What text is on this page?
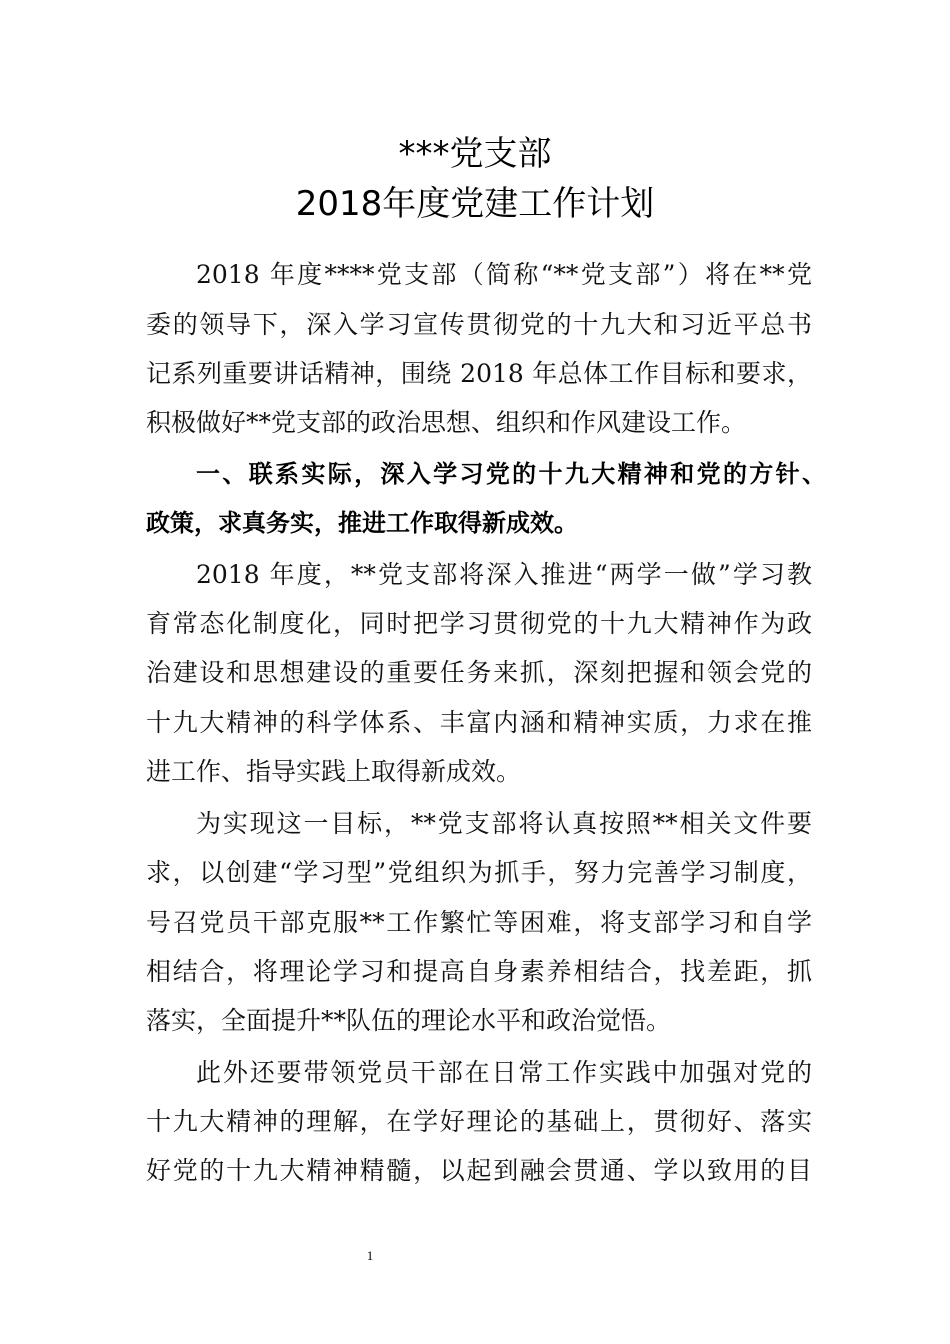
***党支部
2018年度党建工作计划
2018 年度****党支部（简称“**党支部”）将在**党
委的领导下，深入学习宣传贯彻党的十九大和习近平总书
记系列重要讲话精神，围绕 2018 年总体工作目标和要求，
积极做好**党支部的政治思想、组织和作风建设工作。
一、联系实际，深入学习党的十九大精神和党的方针、
政策，求真务实，推进工作取得新成效。
2018 年度，**党支部将深入推进“两学一做”学习教
育常态化制度化，同时把学习贯彻党的十九大精神作为政
治建设和思想建设的重要任务来抓，深刻把握和领会党的
十九大精神的科学体系、丰富内涵和精神实质，力求在推
进工作、指导实践上取得新成效。
为实现这一目标，**党支部将认真按照**相关文件要
求，以创建“学习型”党组织为抓手，努力完善学习制度，
号召党员干部克服**工作繁忙等困难，将支部学习和自学
相结合，将理论学习和提高自身素养相结合，找差距，抓
落实，全面提升**队伍的理论水平和政治觉悟。
此外还要带领党员干部在日常工作实践中加强对党的
十九大精神的理解，在学好理论的基础上，贯彻好、落实
好党的十九大精神精髓，以起到融会贯通、学以致用的目
1
